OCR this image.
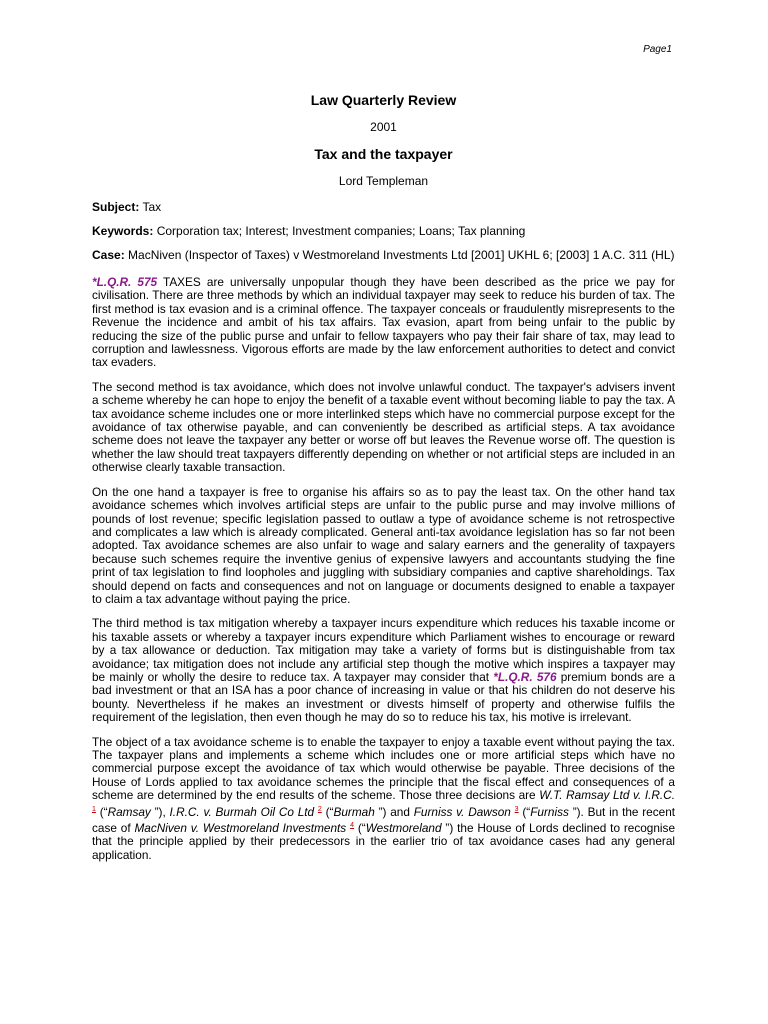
Page1
Law Quarterly Review
2001
Tax and the taxpayer
Lord Templeman
Subject: Tax
Keywords: Corporation tax; Interest; Investment companies; Loans; Tax planning
Case: MacNiven (Inspector of Taxes) v Westmoreland Investments Ltd [2001] UKHL 6; [2003] 1 A.C. 311 (HL)

*L.Q.R. 575 TAXES are universally unpopular though they have been described as the price we pay for civilisation. There are three methods by which an individual taxpayer may seek to reduce his burden of tax. The first method is tax evasion and is a criminal offence. The taxpayer conceals or fraudulently misrepresents to the Revenue the incidence and ambit of his tax affairs. Tax evasion, apart from being unfair to the public by reducing the size of the public purse and unfair to fellow taxpayers who pay their fair share of tax, may lead to corruption and lawlessness. Vigorous efforts are made by the law enforcement authorities to detect and convict tax evaders.

The second method is tax avoidance, which does not involve unlawful conduct. The taxpayer's advisers invent a scheme whereby he can hope to enjoy the benefit of a taxable event without becoming liable to pay the tax. A tax avoidance scheme includes one or more interlinked steps which have no commercial purpose except for the avoidance of tax otherwise payable, and can conveniently be described as artificial steps. A tax avoidance scheme does not leave the taxpayer any better or worse off but leaves the Revenue worse off. The question is whether the law should treat taxpayers differently depending on whether or not artificial steps are included in an otherwise clearly taxable transaction.

On the one hand a taxpayer is free to organise his affairs so as to pay the least tax. On the other hand tax avoidance schemes which involves artificial steps are unfair to the public purse and may involve millions of pounds of lost revenue; specific legislation passed to outlaw a type of avoidance scheme is not retrospective and complicates a law which is already complicated. General anti-tax avoidance legislation has so far not been adopted. Tax avoidance schemes are also unfair to wage and salary earners and the generality of taxpayers because such schemes require the inventive genius of expensive lawyers and accountants studying the fine print of tax legislation to find loopholes and juggling with subsidiary companies and captive shareholdings. Tax should depend on facts and consequences and not on language or documents designed to enable a taxpayer to claim a tax advantage without paying the price.

The third method is tax mitigation whereby a taxpayer incurs expenditure which reduces his taxable income or his taxable assets or whereby a taxpayer incurs expenditure which Parliament wishes to encourage or reward by a tax allowance or deduction. Tax mitigation may take a variety of forms but is distinguishable from tax avoidance; tax mitigation does not include any artificial step though the motive which inspires a taxpayer may be mainly or wholly the desire to reduce tax. A taxpayer may consider that *L.Q.R. 576 premium bonds are a bad investment or that an ISA has a poor chance of increasing in value or that his children do not deserve his bounty. Nevertheless if he makes an investment or divests himself of property and otherwise fulfils the requirement of the legislation, then even though he may do so to reduce his tax, his motive is irrelevant.

The object of a tax avoidance scheme is to enable the taxpayer to enjoy a taxable event without paying the tax. The taxpayer plans and implements a scheme which includes one or more artificial steps which have no commercial purpose except the avoidance of tax which would otherwise be payable. Three decisions of the House of Lords applied to tax avoidance schemes the principle that the fiscal effect and consequences of a scheme are determined by the end results of the scheme. Those three decisions are W.T. Ramsay Ltd v. I.R.C. $^1$ (“Ramsay ”), I.R.C. v. Burmah Oil Co Ltd $^2$ (“Burmah ”) and Furniss v. Dawson $^3$ (“Furniss ”). But in the recent case of MacNiven v. Westmoreland Investments $^4$ (“Westmoreland ”) the House of Lords declined to recognise that the principle applied by their predecessors in the earlier trio of tax avoidance cases had any general application.
